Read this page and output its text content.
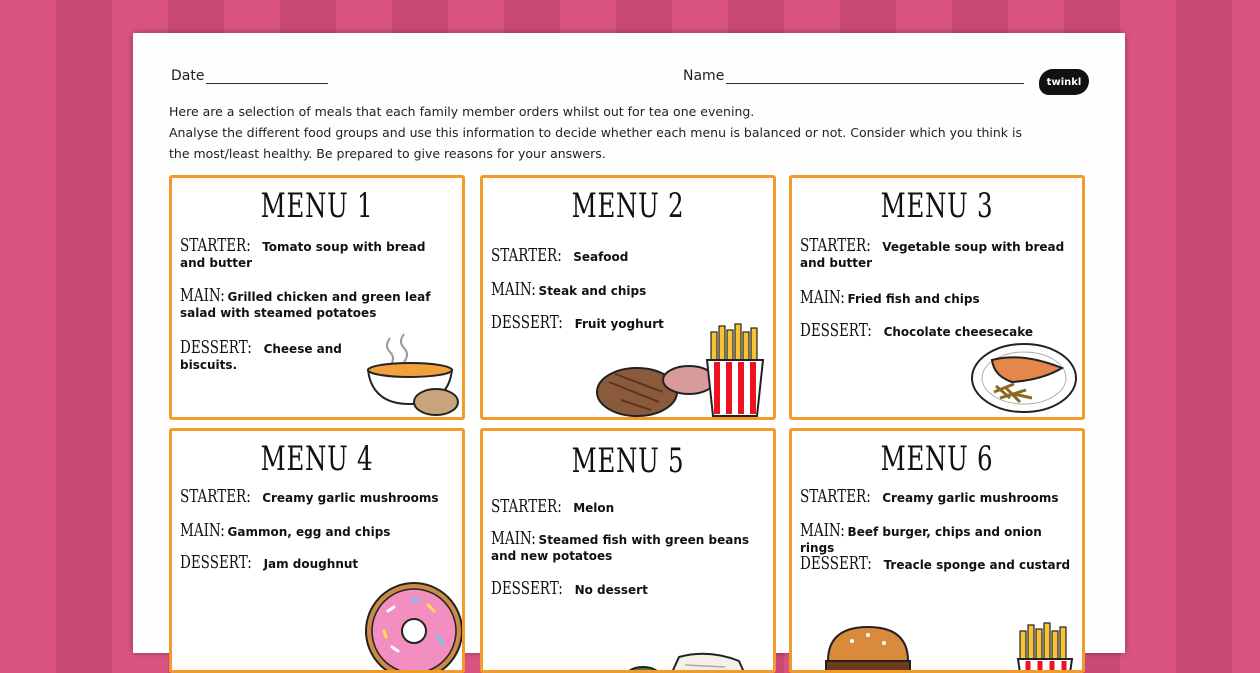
Date	Name	twinkl
Here are a selection of meals that each family member orders whilst out for tea one evening.
Analyse the different food groups and use this information to decide whether each menu is balanced or not. Consider which you think is
the most/least healthy. Be prepared to give reasons for your answers.
MENU 1
STARTER: Tomato soup with bread and butter
MAIN: Grilled chicken and green leaf salad with steamed potatoes
DESSERT: Cheese and biscuits.
MENU 2
STARTER: Seafood
MAIN: Steak and chips
DESSERT: Fruit yoghurt
MENU 3
STARTER: Vegetable soup with bread and butter
MAIN: Fried fish and chips
DESSERT: Chocolate cheesecake
MENU 4
STARTER: Creamy garlic mushrooms
MAIN: Gammon, egg and chips
DESSERT: Jam doughnut
MENU 5
STARTER: Melon
MAIN: Steamed fish with green beans and new potatoes
DESSERT: No dessert
MENU 6
STARTER: Creamy garlic mushrooms
MAIN: Beef burger, chips and onion rings
DESSERT: Treacle sponge and custard
